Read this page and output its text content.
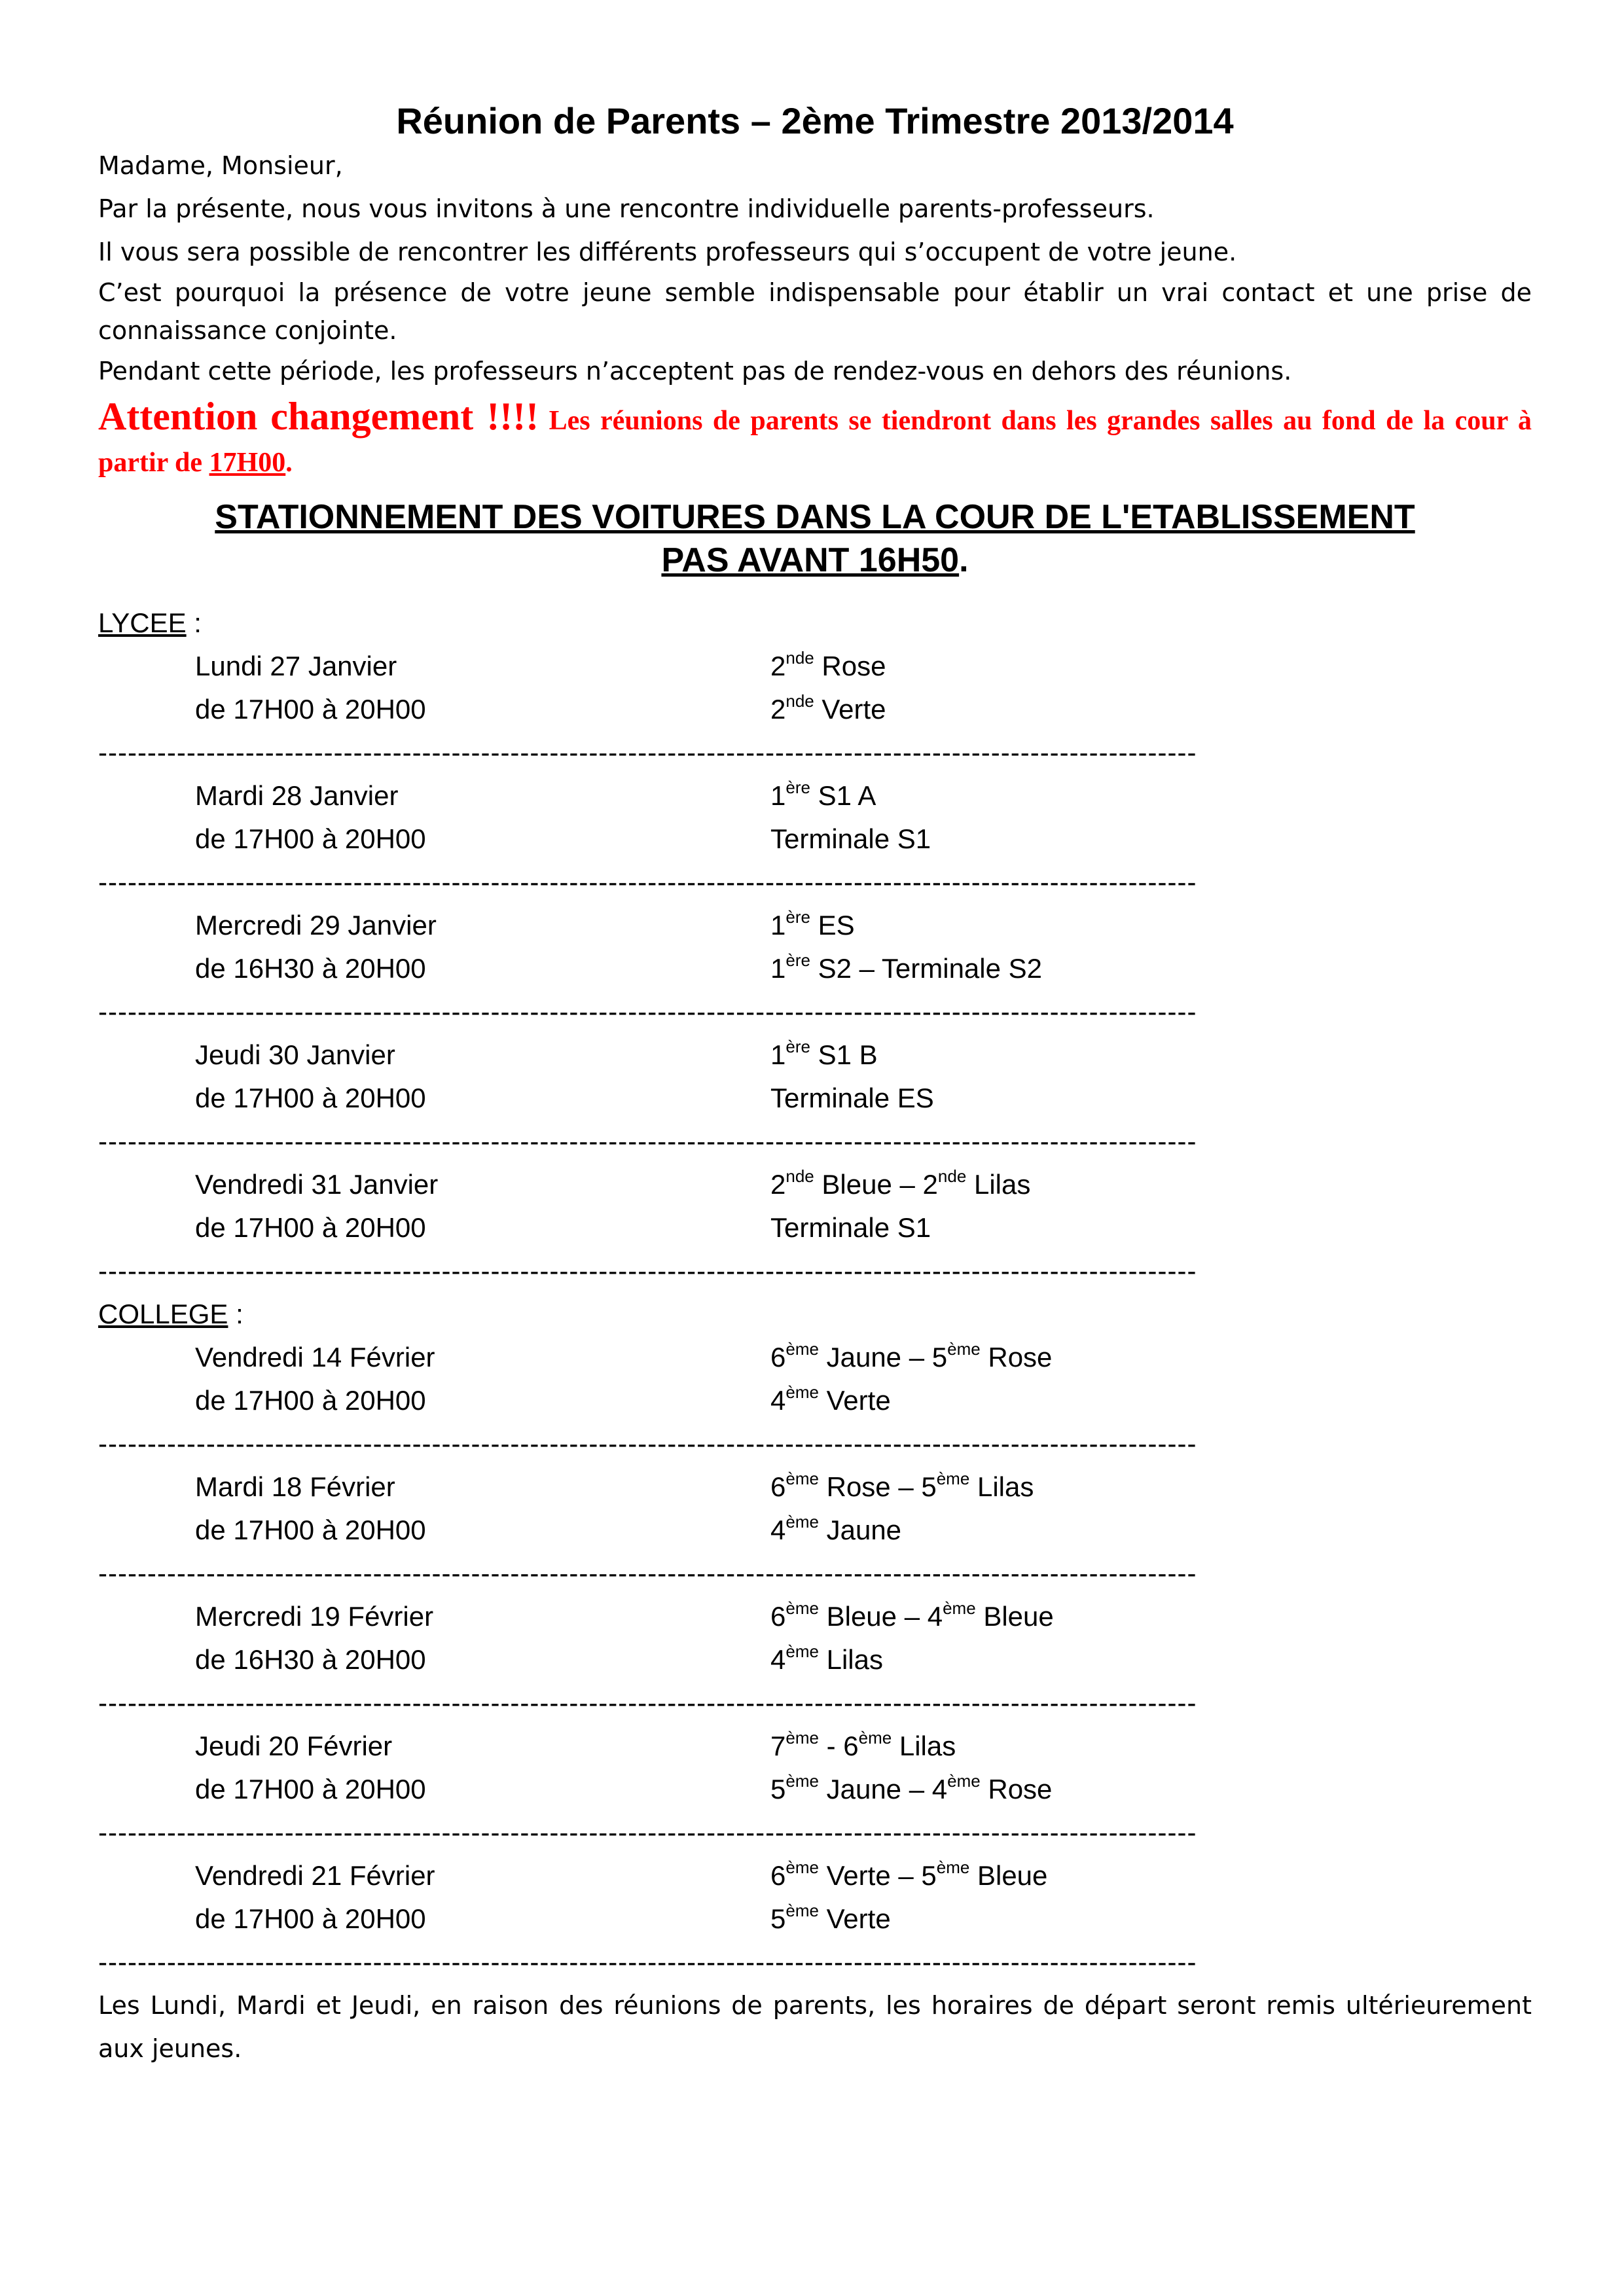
Réunion de Parents – 2ème Trimestre 2013/2014

Madame, Monsieur,

Par la présente, nous vous invitons à une rencontre individuelle parents-professeurs.

Il vous sera possible de rencontrer les différents professeurs qui s’occupent de votre jeune.

C’est pourquoi la présence de votre jeune semble indispensable pour établir un vrai contact et une prise de connaissance conjointe.

Pendant cette période, les professeurs n’acceptent pas de rendez-vous en dehors des réunions.

Attention changement !!!! Les réunions de parents se tiendront dans les grandes salles au fond de la cour à partir de 17H00.

STATIONNEMENT DES VOITURES DANS LA COUR DE L'ETABLISSEMENT
PAS AVANT 16H50.
LYCEE :
Lundi 27 Janvier	2nde Rose
de 17H00 à 20H00	2nde Verte
----------------------------------------------------------------------------------------------------------------
Mardi 28 Janvier	1ère S1 A
de 17H00 à 20H00	Terminale S1
----------------------------------------------------------------------------------------------------------------
Mercredi 29 Janvier	1ère ES
de 16H30 à 20H00	1ère S2 – Terminale S2
----------------------------------------------------------------------------------------------------------------
Jeudi 30 Janvier	1ère S1 B
de 17H00 à 20H00	Terminale ES
----------------------------------------------------------------------------------------------------------------
Vendredi 31 Janvier	2nde Bleue – 2nde Lilas
de 17H00 à 20H00	Terminale S1
----------------------------------------------------------------------------------------------------------------
COLLEGE :
Vendredi 14 Février	6ème Jaune – 5ème Rose
de 17H00 à 20H00	4ème Verte
----------------------------------------------------------------------------------------------------------------
Mardi 18 Février	6ème Rose – 5ème Lilas
de 17H00 à 20H00	4ème Jaune
----------------------------------------------------------------------------------------------------------------
Mercredi 19 Février	6ème Bleue – 4ème Bleue
de 16H30 à 20H00	4ème Lilas
----------------------------------------------------------------------------------------------------------------
Jeudi 20 Février	7ème - 6ème Lilas
de 17H00 à 20H00	5ème Jaune – 4ème Rose
----------------------------------------------------------------------------------------------------------------
Vendredi 21 Février	6ème Verte – 5ème Bleue
de 17H00 à 20H00	5ème Verte
----------------------------------------------------------------------------------------------------------------

Les Lundi, Mardi et Jeudi, en raison des réunions de parents, les horaires de départ seront remis ultérieurement aux jeunes.
